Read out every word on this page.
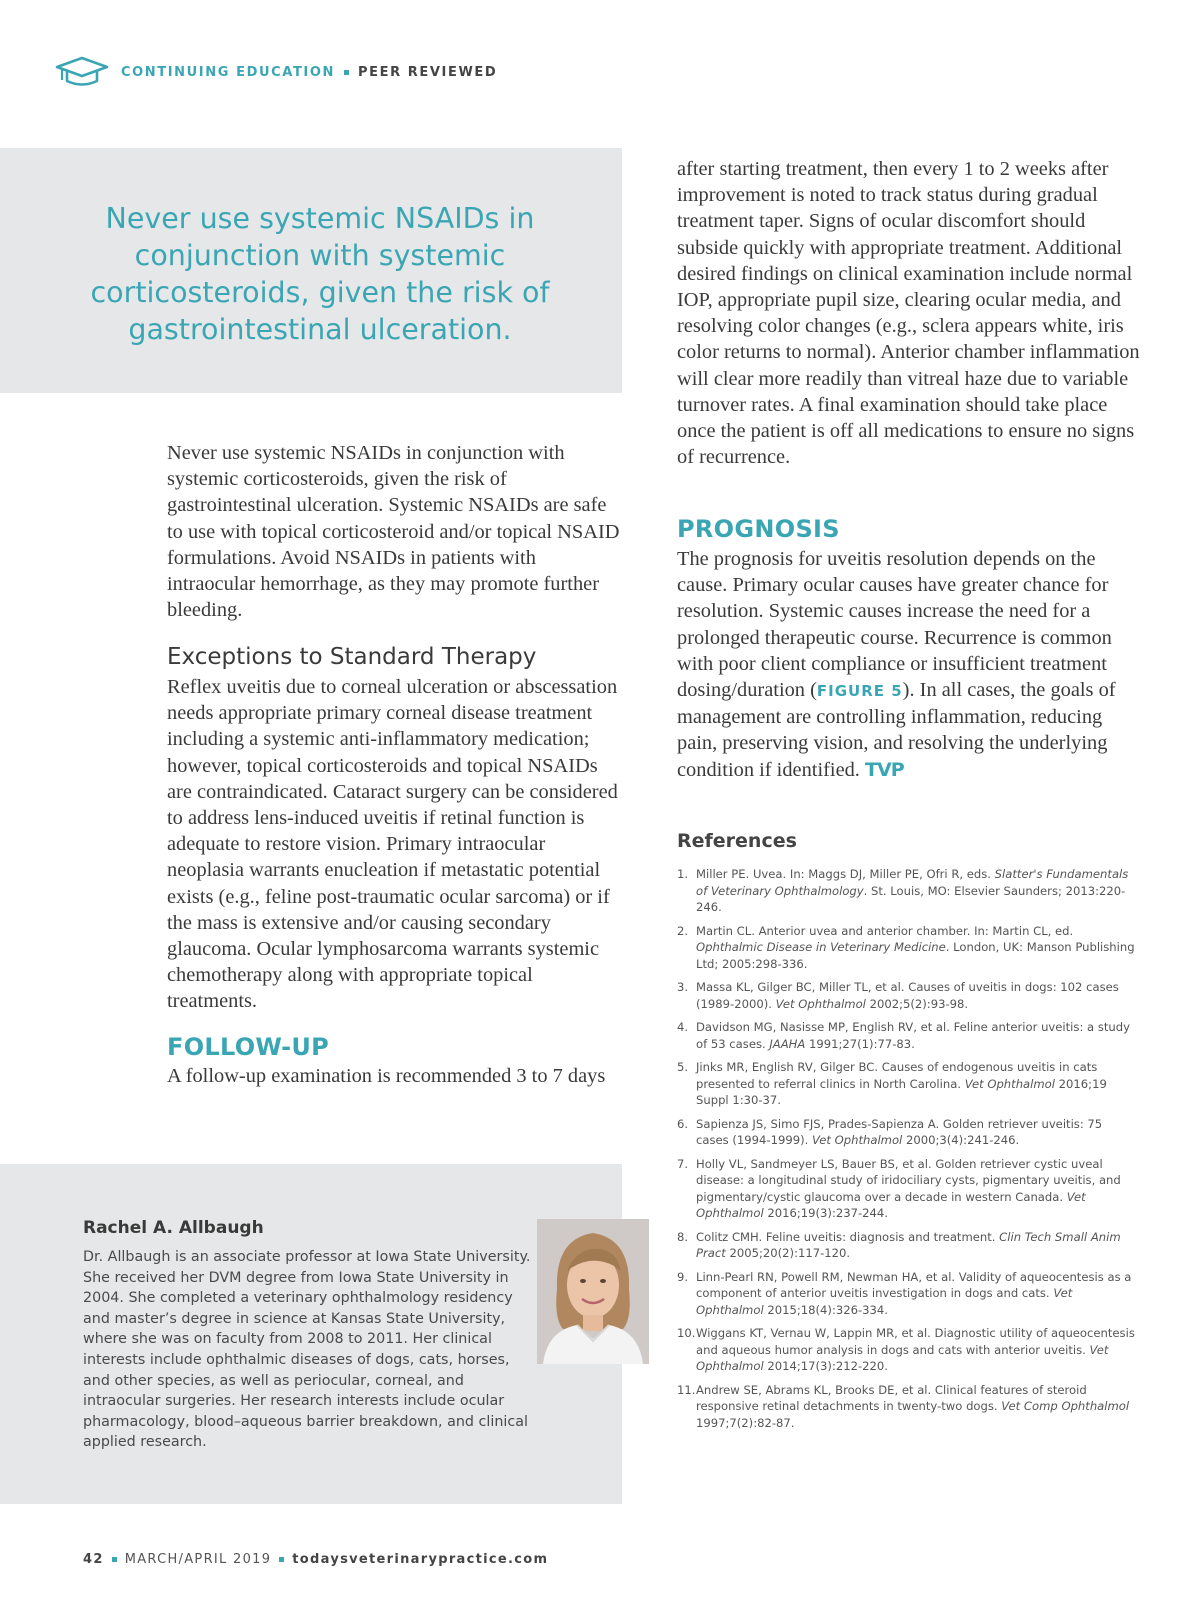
CONTINUING EDUCATION PEER REVIEWED
Never use systemic NSAIDs in conjunction with systemic corticosteroids, given the risk of gastrointestinal ulceration.

Never use systemic NSAIDs in conjunction with systemic corticosteroids, given the risk of gastrointestinal ulceration. Systemic NSAIDs are safe to use with topical corticosteroid and/or topical NSAID formulations. Avoid NSAIDs in patients with intraocular hemorrhage, as they may promote further bleeding.

Exceptions to Standard Therapy

Reflex uveitis due to corneal ulceration or abscessation needs appropriate primary corneal disease treatment including a systemic anti-inflammatory medication; however, topical corticosteroids and topical NSAIDs are contraindicated. Cataract surgery can be considered to address lens-induced uveitis if retinal function is adequate to restore vision. Primary intraocular neoplasia warrants enucleation if metastatic potential exists (e.g., feline post-traumatic ocular sarcoma) or if the mass is extensive and/or causing secondary glaucoma. Ocular lymphosarcoma warrants systemic chemotherapy along with appropriate topical treatments.

FOLLOW-UP

A follow-up examination is recommended 3 to 7 days

after starting treatment, then every 1 to 2 weeks after improvement is noted to track status during gradual treatment taper. Signs of ocular discomfort should subside quickly with appropriate treatment. Additional desired findings on clinical examination include normal IOP, appropriate pupil size, clearing ocular media, and resolving color changes (e.g., sclera appears white, iris color returns to normal). Anterior chamber inflammation will clear more readily than vitreal haze due to variable turnover rates. A final examination should take place once the patient is off all medications to ensure no signs of recurrence.

PROGNOSIS

The prognosis for uveitis resolution depends on the cause. Primary ocular causes have greater chance for resolution. Systemic causes increase the need for a prolonged therapeutic course. Recurrence is common with poor client compliance or insufficient treatment dosing/duration (FIGURE 5). In all cases, the goals of management are controlling inflammation, reducing pain, preserving vision, and resolving the underlying condition if identified. TVP

References
1. Miller PE. Uvea. In: Maggs DJ, Miller PE, Ofri R, eds. Slatter's Fundamentals of Veterinary Ophthalmology. St. Louis, MO: Elsevier Saunders; 2013:220-246.
2. Martin CL. Anterior uvea and anterior chamber. In: Martin CL, ed. Ophthalmic Disease in Veterinary Medicine. London, UK: Manson Publishing Ltd; 2005:298-336.
3. Massa KL, Gilger BC, Miller TL, et al. Causes of uveitis in dogs: 102 cases (1989-2000). Vet Ophthalmol 2002;5(2):93-98.
4. Davidson MG, Nasisse MP, English RV, et al. Feline anterior uveitis: a study of 53 cases. JAAHA 1991;27(1):77-83.
5. Jinks MR, English RV, Gilger BC. Causes of endogenous uveitis in cats presented to referral clinics in North Carolina. Vet Ophthalmol 2016;19 Suppl 1:30-37.
6. Sapienza JS, Simo FJS, Prades-Sapienza A. Golden retriever uveitis: 75 cases (1994-1999). Vet Ophthalmol 2000;3(4):241-246.
7. Holly VL, Sandmeyer LS, Bauer BS, et al. Golden retriever cystic uveal disease: a longitudinal study of iridociliary cysts, pigmentary uveitis, and pigmentary/cystic glaucoma over a decade in western Canada. Vet Ophthalmol 2016;19(3):237-244.
8. Colitz CMH. Feline uveitis: diagnosis and treatment. Clin Tech Small Anim Pract 2005;20(2):117-120.
9. Linn-Pearl RN, Powell RM, Newman HA, et al. Validity of aqueocentesis as a component of anterior uveitis investigation in dogs and cats. Vet Ophthalmol 2015;18(4):326-334.
10. Wiggans KT, Vernau W, Lappin MR, et al. Diagnostic utility of aqueocentesis and aqueous humor analysis in dogs and cats with anterior uveitis. Vet Ophthalmol 2014;17(3):212-220.
11. Andrew SE, Abrams KL, Brooks DE, et al. Clinical features of steroid responsive retinal detachments in twenty-two dogs. Vet Comp Ophthalmol 1997;7(2):82-87.
Rachel A. Allbaugh

Dr. Allbaugh is an associate professor at Iowa State University. She received her DVM degree from Iowa State University in 2004. She completed a veterinary ophthalmology residency and master’s degree in science at Kansas State University, where she was on faculty from 2008 to 2011. Her clinical interests include ophthalmic diseases of dogs, cats, horses, and other species, as well as periocular, corneal, and intraocular surgeries. Her research interests include ocular pharmacology, blood–aqueous barrier breakdown, and clinical applied research.

42 MARCH/APRIL 2019 todaysveterinarypractice.com
